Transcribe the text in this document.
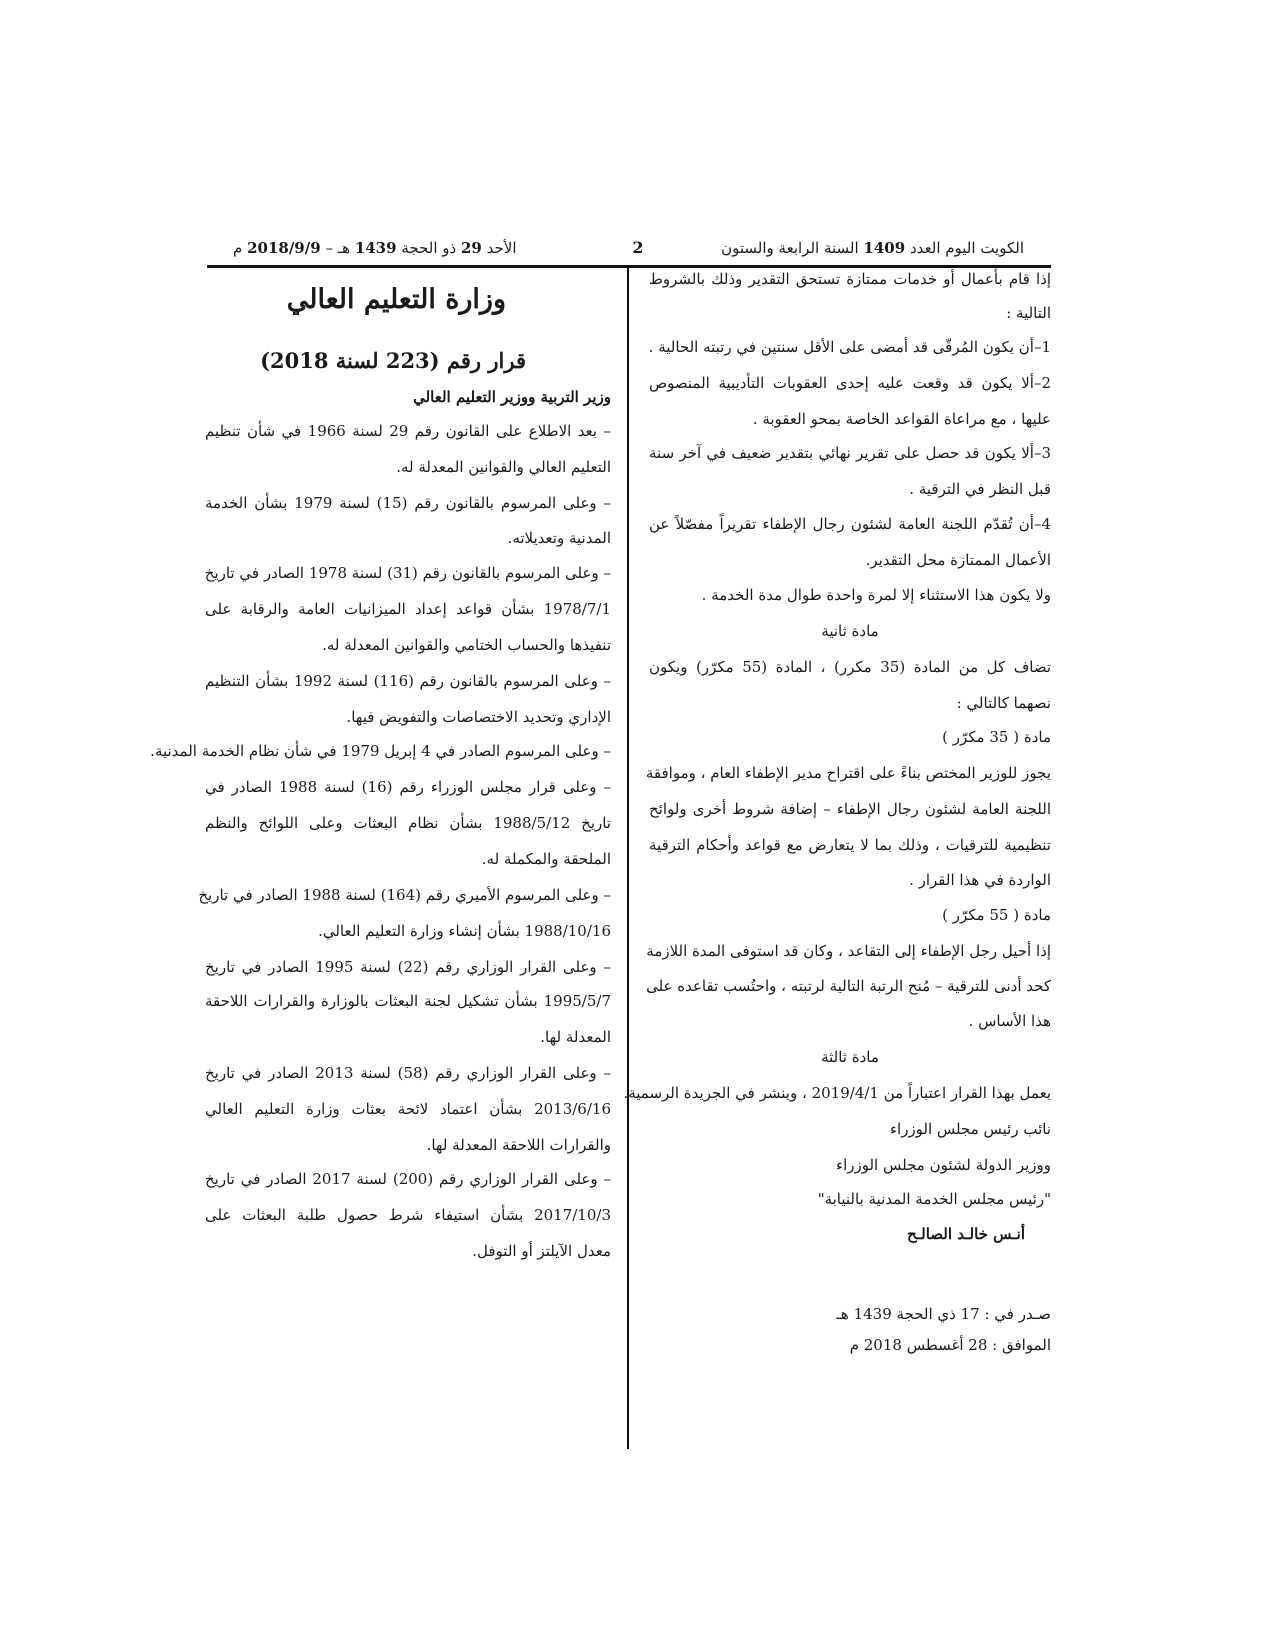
الكويت اليوم العدد 1409 السنة الرابعة والستون
2
الأحد 29 ذو الحجة 1439 هـ – 2018/9/9 م
إذا قام بأعمال أو خدمات ممتازة تستحق التقدير وذلك بالشروط
التالية :
1–أن يكون المُرقّى قد أمضى على الأقل سنتين في رتبته الحالية .
2–ألا يكون قد وقعت عليه إحدى العقوبات التأديبية المنصوص
عليها ، مع مراعاة القواعد الخاصة بمحو العقوبة .
3–ألا يكون قد حصل على تقرير نهائي بتقدير ضعيف في آخر سنة
قبل النظر في الترقية .
4–أن تُقدّم اللجنة العامة لشئون رجال الإطفاء تقريراً مفصّلاً عن
الأعمال الممتازة محل التقدير.
ولا يكون هذا الاستثناء إلا لمرة واحدة طوال مدة الخدمة .
مادة ثانية
تضاف كل من المادة (35 مكرر) ، المادة (55 مكرّر) ويكون
نصهما كالتالي :
مادة ( 35 مكرّر )
يجوز للوزير المختص بناءً على اقتراح مدير الإطفاء العام ، وموافقة
اللجنة العامة لشئون رجال الإطفاء – إضافة شروط أخرى ولوائح
تنظيمية للترقيات ، وذلك بما لا يتعارض مع قواعد وأحكام الترقية
الواردة في هذا القرار .
مادة ( 55 مكرّر )
إذا أحيل رجل الإطفاء إلى التقاعد ، وكان قد استوفى المدة اللازمة
كحد أدنى للترقية – مُنح الرتبة التالية لرتبته ، واحتُسب تقاعده على
هذا الأساس .
مادة ثالثة
يعمل بهذا القرار اعتباراً من 2019/4/1 ، وينشر في الجريدة الرسمية.
نائب رئيس مجلس الوزراء
ووزير الدولة لشئون مجلس الوزراء
"رئيس مجلس الخدمة المدنية بالنيابة"
أنـس خالـد الصالـح
صـدر في : 17 ذي الحجة 1439 هـ
الموافق : 28 أغسطس 2018 م
وزارة التعليم العالي
قرار رقم (223 لسنة 2018)
وزير التربية ووزير التعليم العالي
– بعد الاطلاع على القانون رقم 29 لسنة 1966 في شأن تنظيم
التعليم العالي والقوانين المعدلة له.
– وعلى المرسوم بالقانون رقم (15) لسنة 1979 بشأن الخدمة
المدنية وتعديلاته.
– وعلى المرسوم بالقانون رقم (31) لسنة 1978 الصادر في تاريخ
1978/7/1 بشأن قواعد إعداد الميزانيات العامة والرقابة على
تنفيذها والحساب الختامي والقوانين المعدلة له.
– وعلى المرسوم بالقانون رقم (116) لسنة 1992 بشأن التنظيم
الإداري وتحديد الاختصاصات والتفويض فيها.
– وعلى المرسوم الصادر في 4 إبريل 1979 في شأن نظام الخدمة المدنية.
– وعلى قرار مجلس الوزراء رقم (16) لسنة 1988 الصادر في
تاريخ 1988/5/12 بشأن نظام البعثات وعلى اللوائح والنظم
الملحقة والمكملة له.
– وعلى المرسوم الأميري رقم (164) لسنة 1988 الصادر في تاريخ
1988/10/16 بشأن إنشاء وزارة التعليم العالي.
– وعلى القرار الوزاري رقم (22) لسنة 1995 الصادر في تاريخ
1995/5/7 بشأن تشكيل لجنة البعثات بالوزارة والقرارات اللاحقة
المعدلة لها.
– وعلى القرار الوزاري رقم (58) لسنة 2013 الصادر في تاريخ
2013/6/16 بشأن اعتماد لائحة بعثات وزارة التعليم العالي
والقرارات اللاحقة المعدلة لها.
– وعلى القرار الوزاري رقم (200) لسنة 2017 الصادر في تاريخ
2017/10/3 بشأن استيفاء شرط حصول طلبة البعثات على
معدل الآيلتز أو التوفل.
